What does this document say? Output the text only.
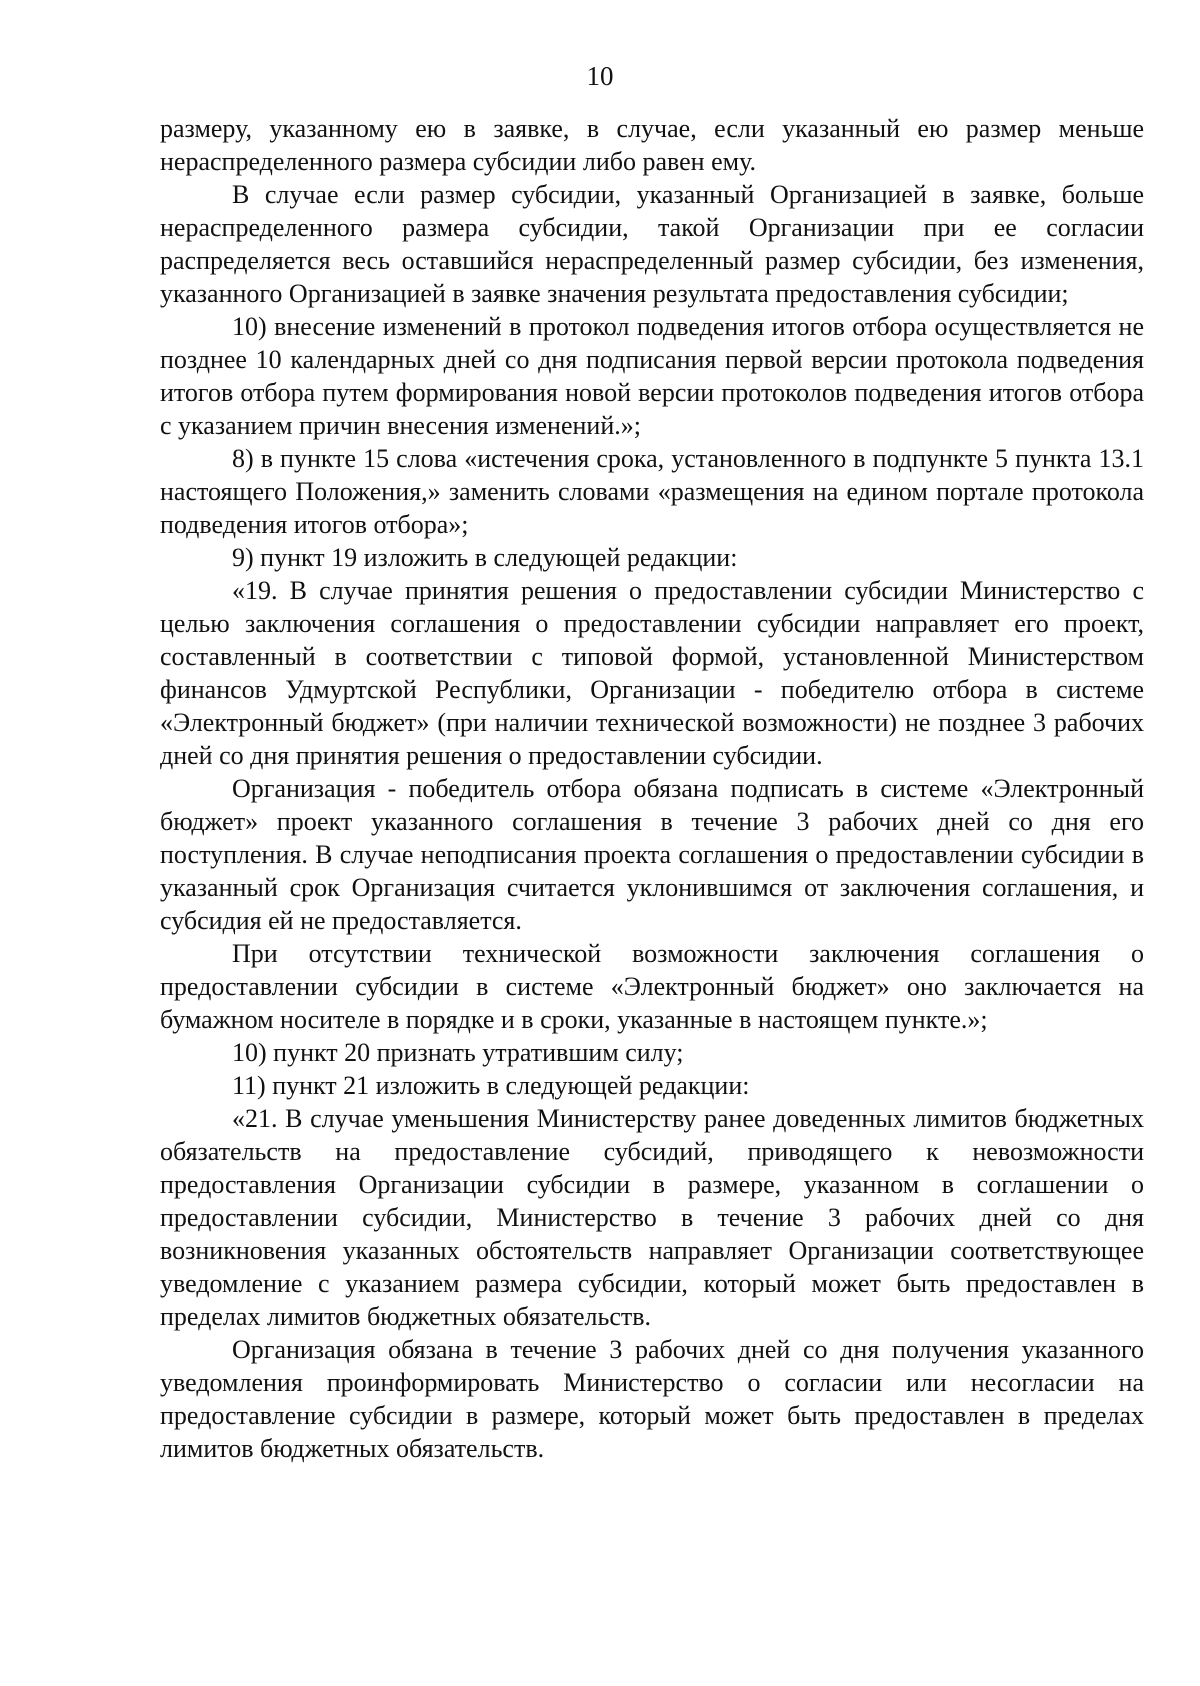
10

размеру, указанному ею в заявке, в случае, если указанный ею размер меньше нераспределенного размера субсидии либо равен ему.

В случае если размер субсидии, указанный Организацией в заявке, больше нераспределенного размера субсидии, такой Организации при ее согласии распределяется весь оставшийся нераспределенный размер субсидии, без изменения, указанного Организацией в заявке значения результата предоставления субсидии;

10) внесение изменений в протокол подведения итогов отбора осуществляется не позднее 10 календарных дней со дня подписания первой версии протокола подведения итогов отбора путем формирования новой версии протоколов подведения итогов отбора с указанием причин внесения изменений.»;

8) в пункте 15 слова «истечения срока, установленного в подпункте 5 пункта 13.1 настоящего Положения,» заменить словами «размещения на едином портале протокола подведения итогов отбора»;

9) пункт 19 изложить в следующей редакции:

«19. В случае принятия решения о предоставлении субсидии Министерство с целью заключения соглашения о предоставлении субсидии направляет его проект, составленный в соответствии с типовой формой, установленной Министерством финансов Удмуртской Республики, Организации - победителю отбора в системе «Электронный бюджет» (при наличии технической возможности) не позднее 3 рабочих дней со дня принятия решения о предоставлении субсидии.

Организация - победитель отбора обязана подписать в системе «Электронный бюджет» проект указанного соглашения в течение 3 рабочих дней со дня его поступления. В случае неподписания проекта соглашения о предоставлении субсидии в указанный срок Организация считается уклонившимся от заключения соглашения, и субсидия ей не предоставляется.

При отсутствии технической возможности заключения соглашения о предоставлении субсидии в системе «Электронный бюджет» оно заключается на бумажном носителе в порядке и в сроки, указанные в настоящем пункте.»;

10) пункт 20 признать утратившим силу;

11) пункт 21 изложить в следующей редакции:

«21. В случае уменьшения Министерству ранее доведенных лимитов бюджетных обязательств на предоставление субсидий, приводящего к невозможности предоставления Организации субсидии в размере, указанном в соглашении о предоставлении субсидии, Министерство в течение 3 рабочих дней со дня возникновения указанных обстоятельств направляет Организации соответствующее уведомление с указанием размера субсидии, который может быть предоставлен в пределах лимитов бюджетных обязательств.

Организация обязана в течение 3 рабочих дней со дня получения указанного уведомления проинформировать Министерство о согласии или несогласии на предоставление субсидии в размере, который может быть предоставлен в пределах лимитов бюджетных обязательств.
